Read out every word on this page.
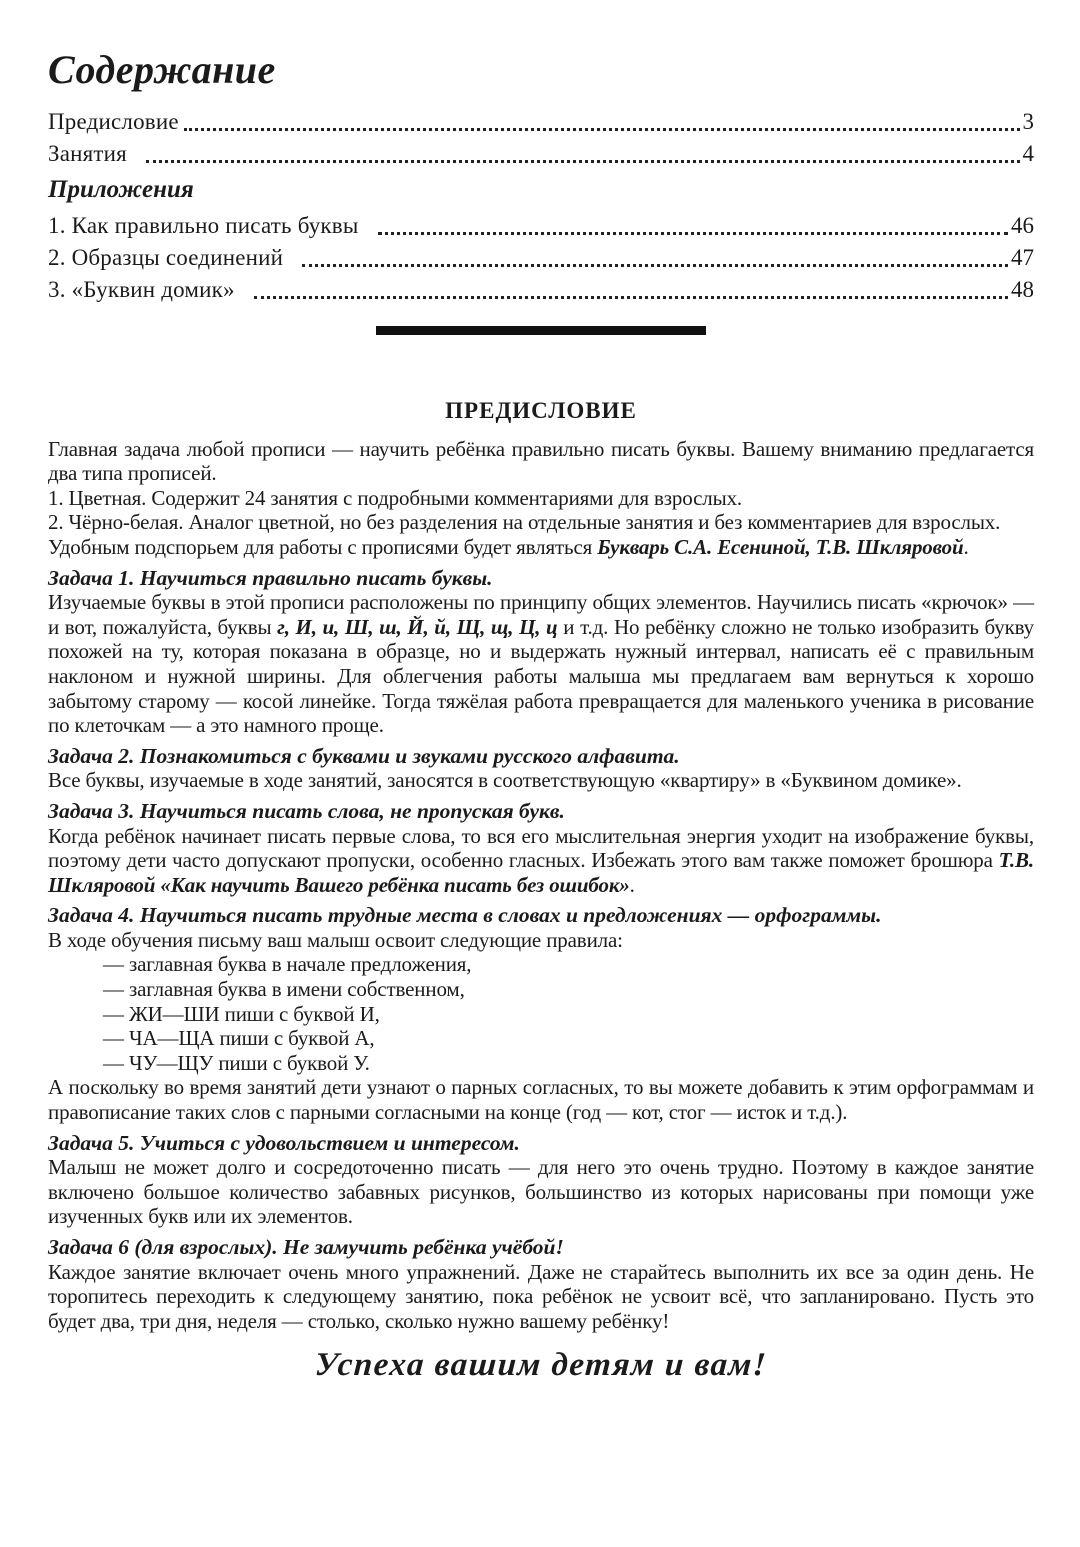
Содержание
Предисловие	3
Занятия	4
Приложения
1. Как правильно писать буквы	46
2. Образцы соединений	47
3. «Буквин домик»	48
ПРЕДИСЛОВИЕ

Главная задача любой прописи — научить ребёнка правильно писать буквы. Вашему вниманию предлагается два типа прописей.

1. Цветная. Содержит 24 занятия с подробными комментариями для взрослых.

2. Чёрно-белая. Аналог цветной, но без разделения на отдельные занятия и без комментариев для взрослых.

Удобным подспорьем для работы с прописями будет являться Букварь С.А. Есениной, Т.В. Шкляровой.

Задача 1. Научиться правильно писать буквы.

Изучаемые буквы в этой прописи расположены по принципу общих элементов. Научились писать «крючок» — и вот, пожалуйста, буквы г, И, и, Ш, ш, Й, й, Щ, щ, Ц, ц и т.д. Но ребёнку сложно не только изобразить букву похожей на ту, которая показана в образце, но и выдержать нужный интервал, написать её с правильным наклоном и нужной ширины. Для облегчения работы малыша мы предлагаем вам вернуться к хорошо забытому старому — косой линейке. Тогда тяжёлая работа превращается для маленького ученика в рисование по клеточкам — а это намного проще.

Задача 2. Познакомиться с буквами и звуками русского алфавита.

Все буквы, изучаемые в ходе занятий, заносятся в соответствующую «квартиру» в «Буквином домике».

Задача 3. Научиться писать слова, не пропуская букв.

Когда ребёнок начинает писать первые слова, то вся его мыслительная энергия уходит на изображение буквы, поэтому дети часто допускают пропуски, особенно гласных. Избежать этого вам также поможет брошюра Т.В. Шкляровой «Как научить Вашего ребёнка писать без ошибок».

Задача 4. Научиться писать трудные места в словах и предложениях — орфограммы.

В ходе обучения письму ваш малыш освоит следующие правила:

— заглавная буква в начале предложения,

— заглавная буква в имени собственном,

— ЖИ—ШИ пиши с буквой И,

— ЧА—ЩА пиши с буквой А,

— ЧУ—ЩУ пиши с буквой У.

А поскольку во время занятий дети узнают о парных согласных, то вы можете добавить к этим орфограммам и правописание таких слов с парными согласными на конце (год — кот, стог — исток и т.д.).

Задача 5. Учиться с удовольствием и интересом.

Малыш не может долго и сосредоточенно писать — для него это очень трудно. Поэтому в каждое занятие включено большое количество забавных рисунков, большинство из которых нарисованы при помощи уже изученных букв или их элементов.

Задача 6 (для взрослых). Не замучить ребёнка учёбой!

Каждое занятие включает очень много упражнений. Даже не старайтесь выполнить их все за один день. Не торопитесь переходить к следующему занятию, пока ребёнок не усвоит всё, что запланировано. Пусть это будет два, три дня, неделя — столько, сколько нужно вашему ребёнку!

Успеха вашим детям и вам!
